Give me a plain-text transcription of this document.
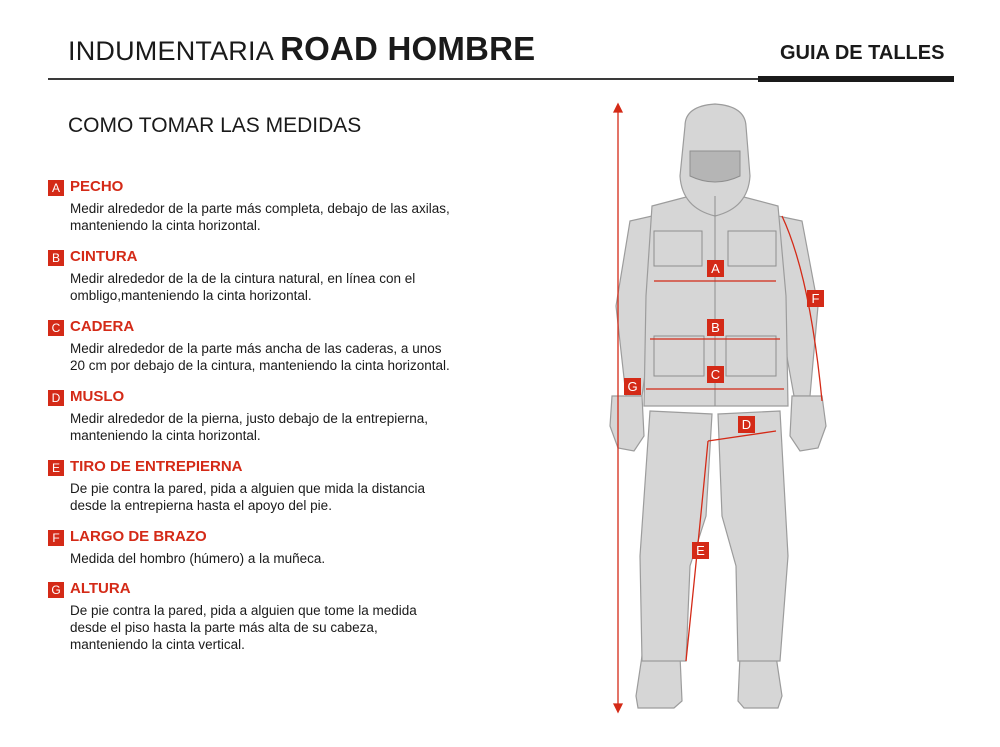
INDUMENTARIA ROAD HOMBRE	GUIA DE TALLES
COMO TOMAR LAS MEDIDAS
A PECHO
Medir alrededor de la parte más completa, debajo de las axilas,
manteniendo la cinta horizontal.
B CINTURA
Medir alrededor de la de la cintura natural, en línea con el
ombligo,manteniendo la cinta horizontal.
C CADERA
Medir alrededor de la parte más ancha de las caderas, a unos
20 cm por debajo de la cintura, manteniendo la cinta horizontal.
D MUSLO
Medir alrededor de la pierna, justo debajo de la entrepierna,
manteniendo la cinta horizontal.
E TIRO DE ENTREPIERNA
De pie contra la pared, pida a alguien que mida la distancia
desde la entrepierna hasta el apoyo del pie.
F LARGO DE BRAZO
Medida del hombro (húmero) a la muñeca.
G ALTURA
De pie contra la pared, pida a alguien que tome la medida
desde el piso hasta la parte más alta de su cabeza,
manteniendo la cinta vertical.
A
B
C
D
E
F
G
